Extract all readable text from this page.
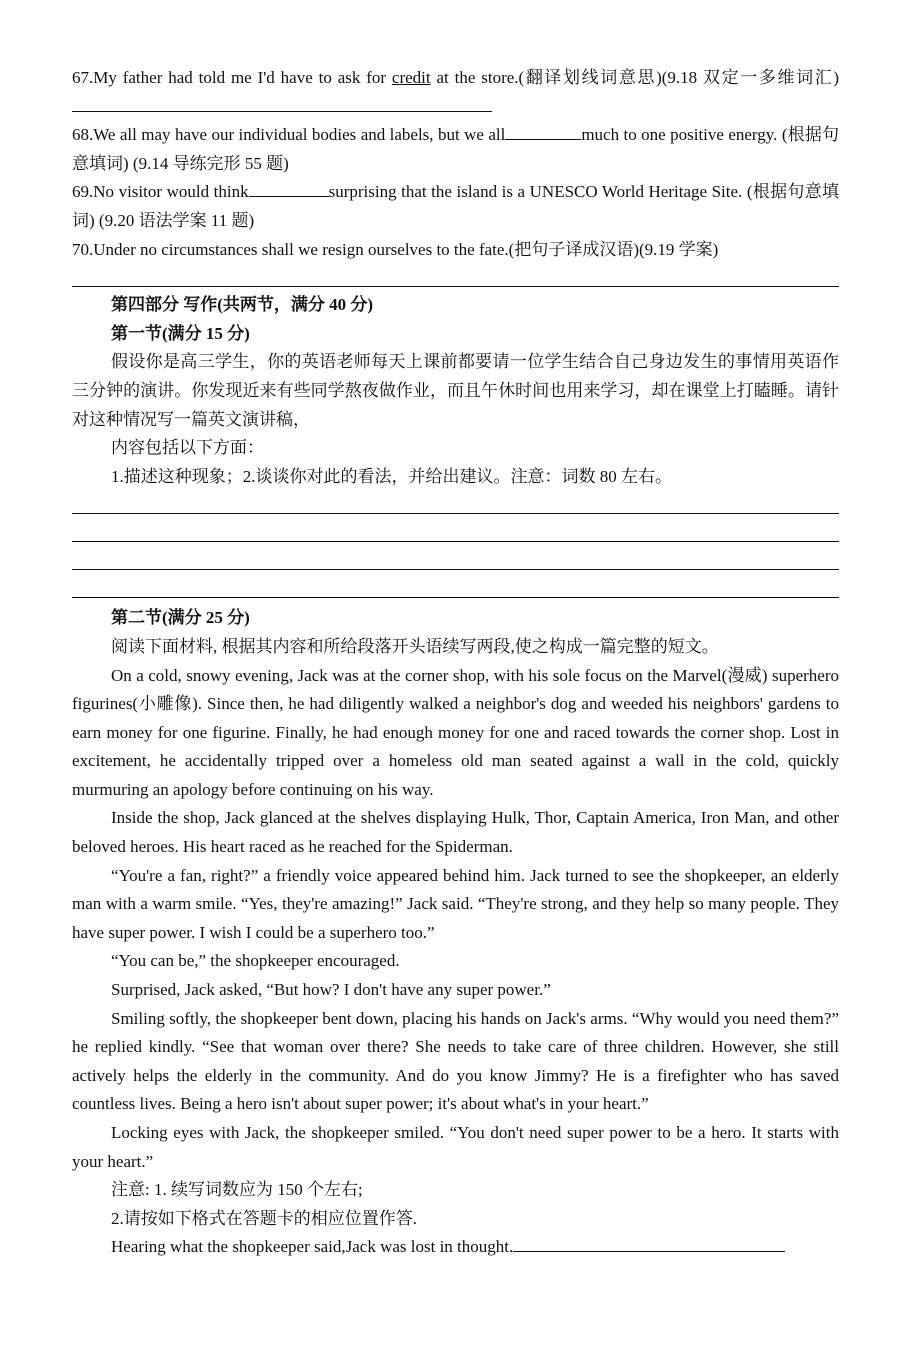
67.My father had told me I'd have to ask for credit at the store.(翻译划线词意思)(9.18 双定一多维词汇)

68.We all may have our individual bodies and labels, but we all	much to one positive energy. (根据句意填词) (9.14 导练完形 55 题)

69.No visitor would think	surprising that the island is a UNESCO World Heritage Site. (根据句意填词) (9.20 语法学案 11 题)

70.Under no circumstances shall we resign ourselves to the fate.(把句子译成汉语)(9.19 学案)

第四部分 写作(共两节，满分 40 分)

第一节(满分 15 分)

假设你是高三学生，你的英语老师每天上课前都要请一位学生结合自己身边发生的事情用英语作三分钟的演讲。你发现近来有些同学熬夜做作业，而且午休时间也用来学习，却在课堂上打瞌睡。请针对这种情况写一篇英文演讲稿，

内容包括以下方面：

1.描述这种现象；2.谈谈你对此的看法，并给出建议。注意：词数 80 左右。

第二节(满分 25 分)

阅读下面材料, 根据其内容和所给段落开头语续写两段,使之构成一篇完整的短文。

On a cold, snowy evening, Jack was at the corner shop, with his sole focus on the Marvel(漫威) superhero figurines(小雕像). Since then, he had diligently walked a neighbor's dog and weeded his neighbors' gardens to earn money for one figurine. Finally, he had enough money for one and raced towards the corner shop. Lost in excitement, he accidentally tripped over a homeless old man seated against a wall in the cold, quickly murmuring an apology before continuing on his way.

Inside the shop, Jack glanced at the shelves displaying Hulk, Thor, Captain America, Iron Man, and other beloved heroes. His heart raced as he reached for the Spiderman.

“You're a fan, right?” a friendly voice appeared behind him. Jack turned to see the shopkeeper, an elderly man with a warm smile. “Yes, they're amazing!” Jack said. “They're strong, and they help so many people. They have super power. I wish I could be a superhero too.”

“You can be,” the shopkeeper encouraged.

Surprised, Jack asked, “But how? I don't have any super power.”

Smiling softly, the shopkeeper bent down, placing his hands on Jack's arms. “Why would you need them?” he replied kindly. “See that woman over there? She needs to take care of three children. However, she still actively helps the elderly in the community. And do you know Jimmy? He is a firefighter who has saved countless lives. Being a hero isn't about super power; it's about what's in your heart.”

Locking eyes with Jack, the shopkeeper smiled. “You don't need super power to be a hero. It starts with your heart.”

注意: 1. 续写词数应为 150 个左右;

2.请按如下格式在答题卡的相应位置作答.

Hearing what the shopkeeper said,Jack was lost in thought.
